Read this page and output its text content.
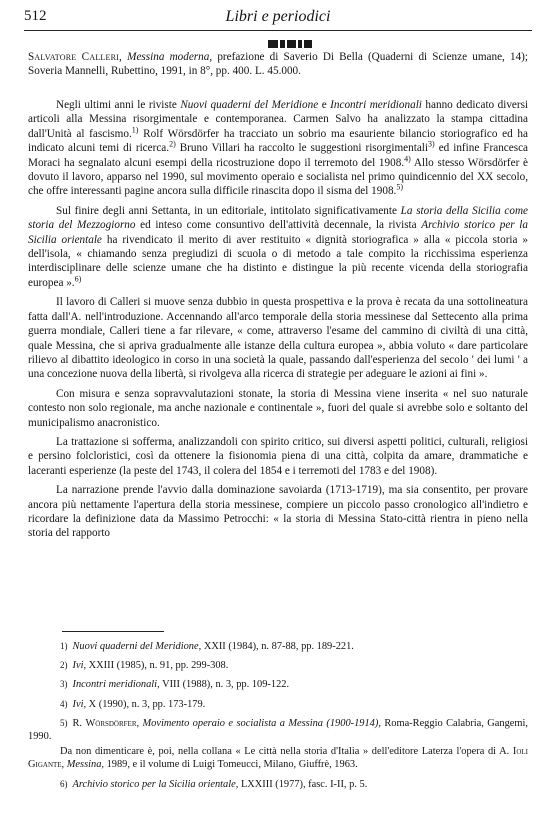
512	Libri e periodici
Salvatore Calleri, Messina moderna, prefazione di Saverio Di Bella (Quaderni di Scienze umane, 14); Soveria Mannelli, Rubettino, 1991, in 8°, pp. 400. L. 45.000.

Negli ultimi anni le riviste Nuovi quaderni del Meridione e Incontri meridionali hanno dedicato diversi articoli alla Messina risorgimentale e contemporanea. Carmen Salvo ha analizzato la stampa cittadina dall'Unità al fascismo.$^{1)}$ Rolf Wörsdörfer ha tracciato un sobrio ma esauriente bilancio storiografico ed ha indicato alcuni temi di ricerca.$^{2)}$ Bruno Villari ha raccolto le suggestioni risorgimentali$^{3)}$ ed infine Francesca Moraci ha segnalato alcuni esempi della ricostruzione dopo il terremoto del 1908.$^{4)}$ Allo stesso Wörsdörfer è dovuto il lavoro, apparso nel 1990, sul movimento operaio e socialista nel primo quindicennio del XX secolo, che offre interessanti pagine ancora sulla difficile rinascita dopo il sisma del 1908.$^{5)}$

Sul finire degli anni Settanta, in un editoriale, intitolato significativamente La storia della Sicilia come storia del Mezzogiorno ed inteso come consuntivo dell'attività decennale, la rivista Archivio storico per la Sicilia orientale ha rivendicato il merito di aver restituito « dignità storiografica » alla « piccola storia » dell'isola, « chiamando senza pregiudizi di scuola o di metodo a tale compito la ricchissima esperienza interdisciplinare delle scienze umane che ha distinto e distingue la più recente vicenda della storiografia europea ».$^{6)}$

Il lavoro di Calleri si muove senza dubbio in questa prospettiva e la prova è recata da una sottolineatura fatta dall'A. nell'introduzione. Accennando all'arco temporale della storia messinese dal Settecento alla prima guerra mondiale, Calleri tiene a far rilevare, « come, attraverso l'esame del cammino di civiltà di una città, quale Messina, che si apriva gradualmente alle istanze della cultura europea », abbia voluto « dare particolare rilievo al dibattito ideologico in corso in una società la quale, passando dall'esperienza del secolo ' dei lumi ' a una concezione nuova della libertà, si rivolgeva alla ricerca di strategie per adeguare le azioni ai fini ».

Con misura e senza sopravvalutazioni stonate, la storia di Messina viene inserita « nel suo naturale contesto non solo regionale, ma anche nazionale e continentale », fuori del quale si avrebbe solo e soltanto del municipalismo anacronistico.

La trattazione si sofferma, analizzandoli con spirito critico, sui diversi aspetti politici, culturali, religiosi e persino folcloristici, così da ottenere la fisionomia piena di una città, colpita da amare, drammatiche e laceranti esperienze (la peste del 1743, il colera del 1854 e i terremoti del 1783 e del 1908).

La narrazione prende l'avvio dalla dominazione savoiarda (1713-1719), ma sia consentito, per provare ancora più nettamente l'apertura della storia messinese, compiere un piccolo passo cronologico all'indietro e ricordare la definizione data da Massimo Petrocchi: « la storia di Messina Stato-città rientra in pieno nella storia del rapporto

1) Nuovi quaderni del Meridione, XXII (1984), n. 87-88, pp. 189-221.

2) Ivi, XXIII (1985), n. 91, pp. 299-308.

3) Incontri meridionali, VIII (1988), n. 3, pp. 109-122.

4) Ivi, X (1990), n. 3, pp. 173-179.

5) R. Wörsdörfer, Movimento operaio e socialista a Messina (1900-1914), Roma-Reggio Calabria, Gangemi, 1990.

Da non dimenticare è, poi, nella collana « Le città nella storia d'Italia » dell'editore Laterza l'opera di A. Ioli Gigante, Messina, 1989, e il volume di Luigi Tomeucci, Milano, Giuffrè, 1963.

6) Archivio storico per la Sicilia orientale, LXXIII (1977), fasc. I-II, p. 5.
